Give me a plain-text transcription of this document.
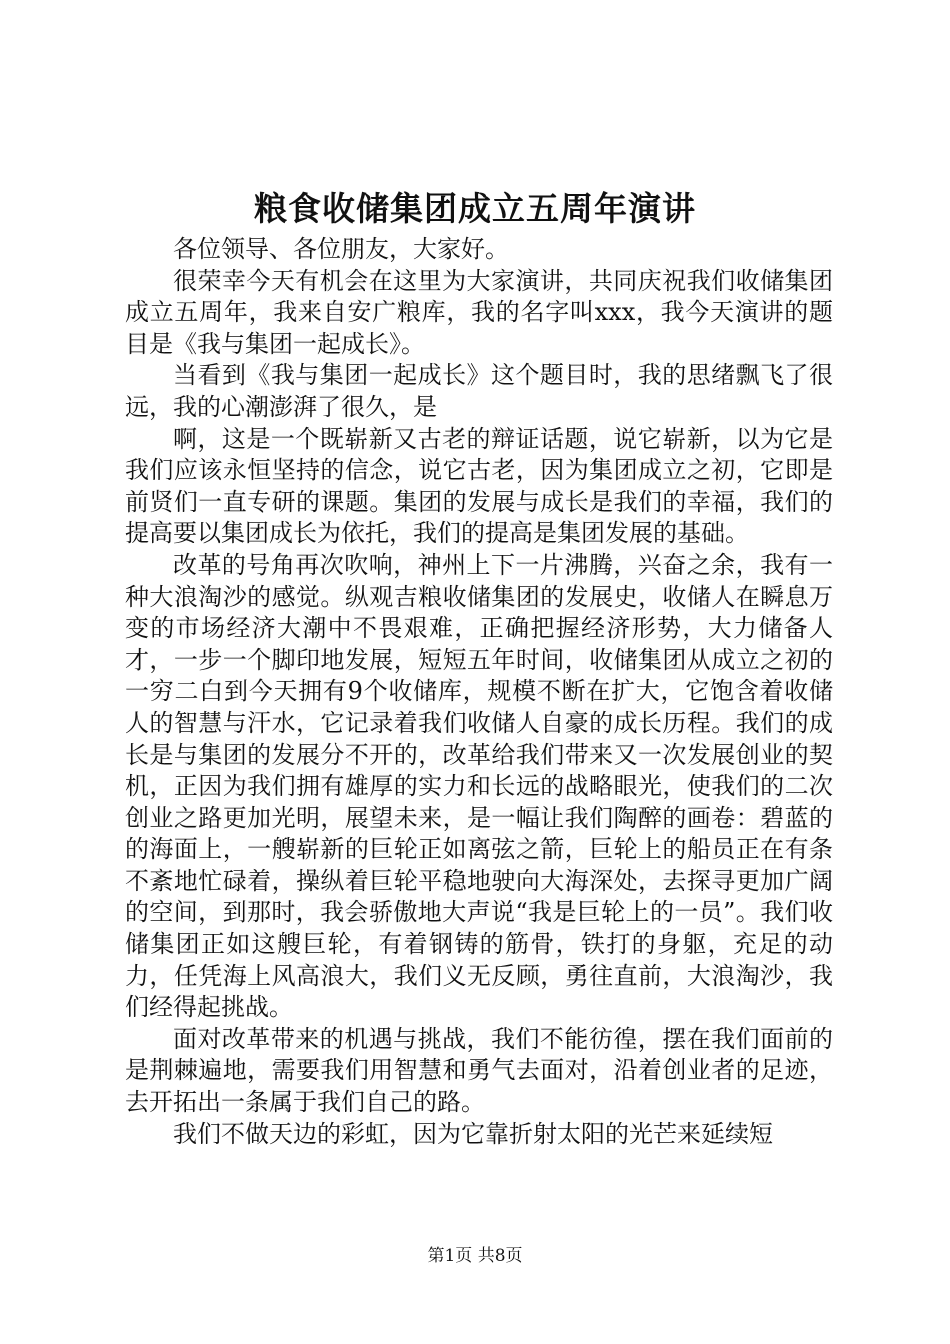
粮食收储集团成立五周年演讲

各位领导、各位朋友，大家好。

很荣幸今天有机会在这里为大家演讲，共同庆祝我们收储集团成立五周年，我来自安广粮库，我的名字叫xxx，我今天演讲的题目是《我与集团一起成长》。

当看到《我与集团一起成长》这个题目时，我的思绪飘飞了很远，我的心潮澎湃了很久，是

啊，这是一个既崭新又古老的辩证话题，说它崭新，以为它是我们应该永恒坚持的信念，说它古老，因为集团成立之初，它即是前贤们一直专研的课题。集团的发展与成长是我们的幸福，我们的提高要以集团成长为依托，我们的提高是集团发展的基础。

改革的号角再次吹响，神州上下一片沸腾，兴奋之余，我有一种大浪淘沙的感觉。纵观吉粮收储集团的发展史，收储人在瞬息万变的市场经济大潮中不畏艰难，正确把握经济形势，大力储备人才，一步一个脚印地发展，短短五年时间，收储集团从成立之初的一穷二白到今天拥有9个收储库，规模不断在扩大，它饱含着收储人的智慧与汗水，它记录着我们收储人自豪的成长历程。我们的成长是与集团的发展分不开的，改革给我们带来又一次发展创业的契机，正因为我们拥有雄厚的实力和长远的战略眼光，使我们的二次创业之路更加光明，展望未来，是一幅让我们陶醉的画卷：碧蓝的的海面上，一艘崭新的巨轮正如离弦之箭，巨轮上的船员正在有条不紊地忙碌着，操纵着巨轮平稳地驶向大海深处，去探寻更加广阔的空间，到那时，我会骄傲地大声说“我是巨轮上的一员”。我们收储集团正如这艘巨轮，有着钢铸的筋骨，铁打的身躯，充足的动力，任凭海上风高浪大，我们义无反顾，勇往直前，大浪淘沙，我们经得起挑战。

面对改革带来的机遇与挑战，我们不能彷徨，摆在我们面前的是荆棘遍地，需要我们用智慧和勇气去面对，沿着创业者的足迹，去开拓出一条属于我们自己的路。

我们不做天边的彩虹，因为它靠折射太阳的光芒来延续短

第1页 共8页
